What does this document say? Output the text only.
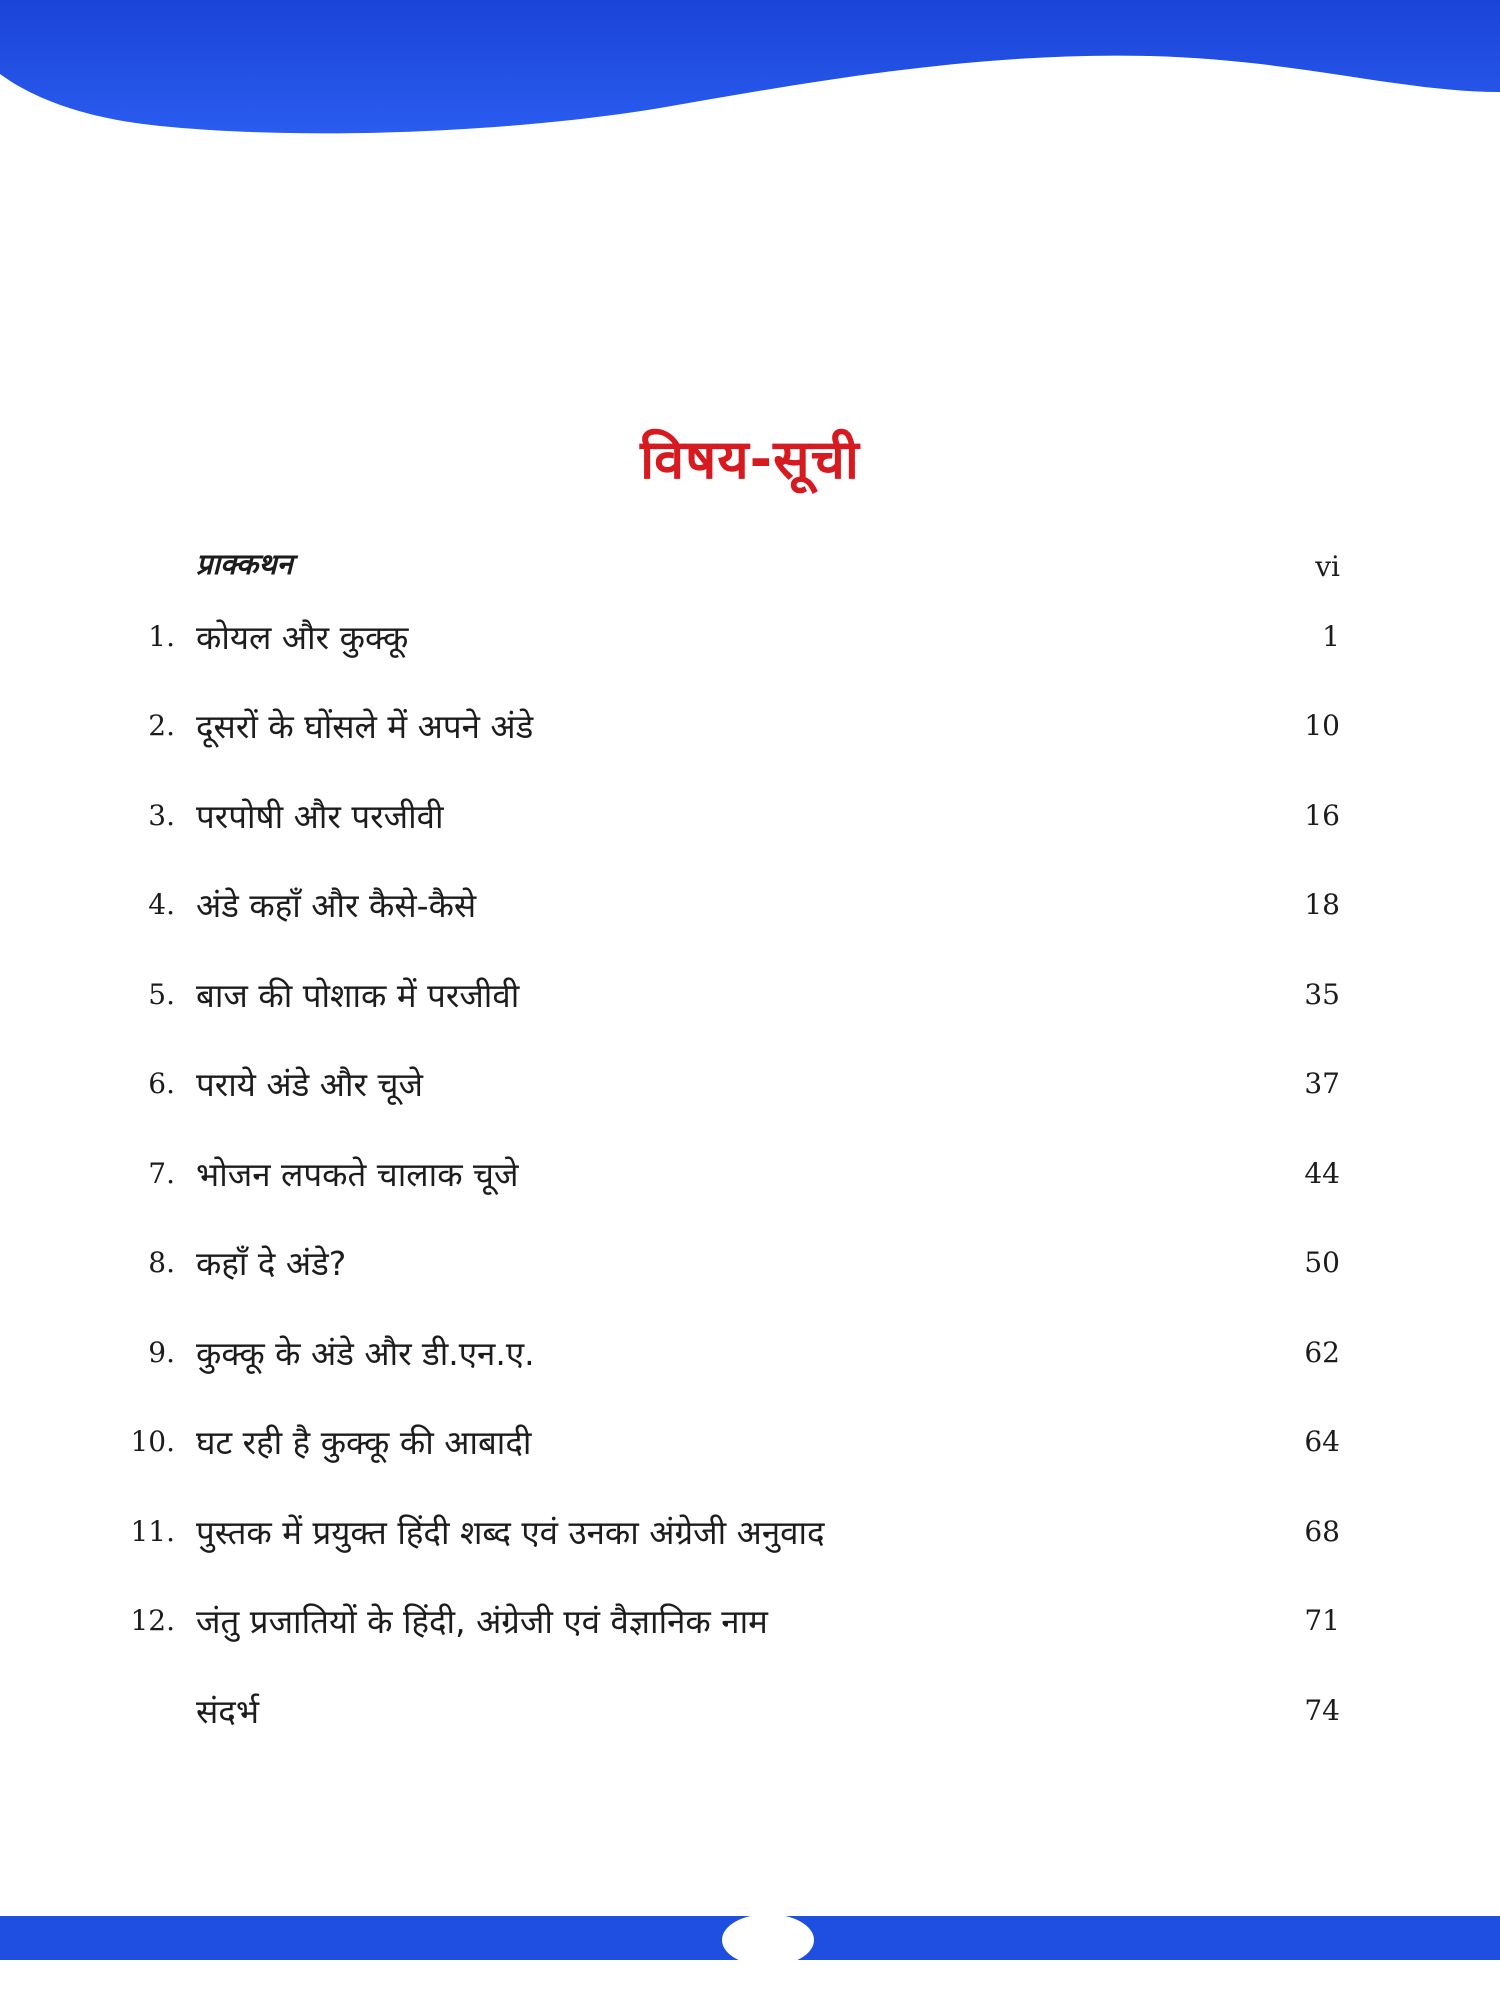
विषय-सूची
प्राक्कथन	vi
1. कोयल और कुक्कू	1
2. दूसरों के घोंसले में अपने अंडे	10
3. परपोषी और परजीवी	16
4. अंडे कहाँ और कैसे-कैसे	18
5. बाज की पोशाक में परजीवी	35
6. पराये अंडे और चूजे	37
7. भोजन लपकते चालाक चूजे	44
8. कहाँ दे अंडे?	50
9. कुक्कू के अंडे और डी.एन.ए.	62
10. घट रही है कुक्कू की आबादी	64
11. पुस्तक में प्रयुक्त हिंदी शब्द एवं उनका अंग्रेजी अनुवाद	68
12. जंतु प्रजातियों के हिंदी, अंग्रेजी एवं वैज्ञानिक नाम	71
संदर्भ	74
